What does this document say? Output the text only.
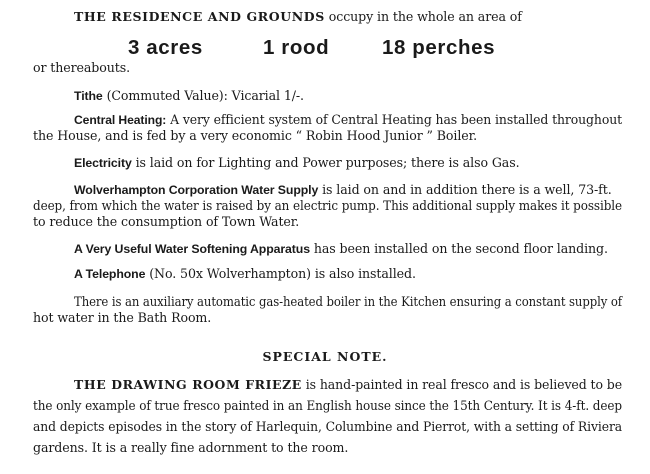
THE RESIDENCE AND GROUNDS occupy in the whole an area of
3 acres	1 rood	18 perches
or thereabouts.
Tithe (Commuted Value): Vicarial 1/-.
Central Heating: A very efficient system of Central Heating has been installed throughout
the House, and is fed by a very economic “ Robin Hood Junior ” Boiler.
Electricity is laid on for Lighting and Power purposes; there is also Gas.
Wolverhampton Corporation Water Supply is laid on and in addition there is a well, 73-ft.
deep, from which the water is raised by an electric pump. This additional supply makes it possible
to reduce the consumption of Town Water.
A Very Useful Water Softening Apparatus has been installed on the second floor landing.
A Telephone (No. 50x Wolverhampton) is also installed.
There is an auxiliary automatic gas-heated boiler in the Kitchen ensuring a constant supply of
hot water in the Bath Room.
SPECIAL NOTE.
THE DRAWING ROOM FRIEZE is hand-painted in real fresco and is believed to be
the only example of true fresco painted in an English house since the 15th Century. It is 4-ft. deep
and depicts episodes in the story of Harlequin, Columbine and Pierrot, with a setting of Riviera
gardens. It is a really fine adornment to the room.
